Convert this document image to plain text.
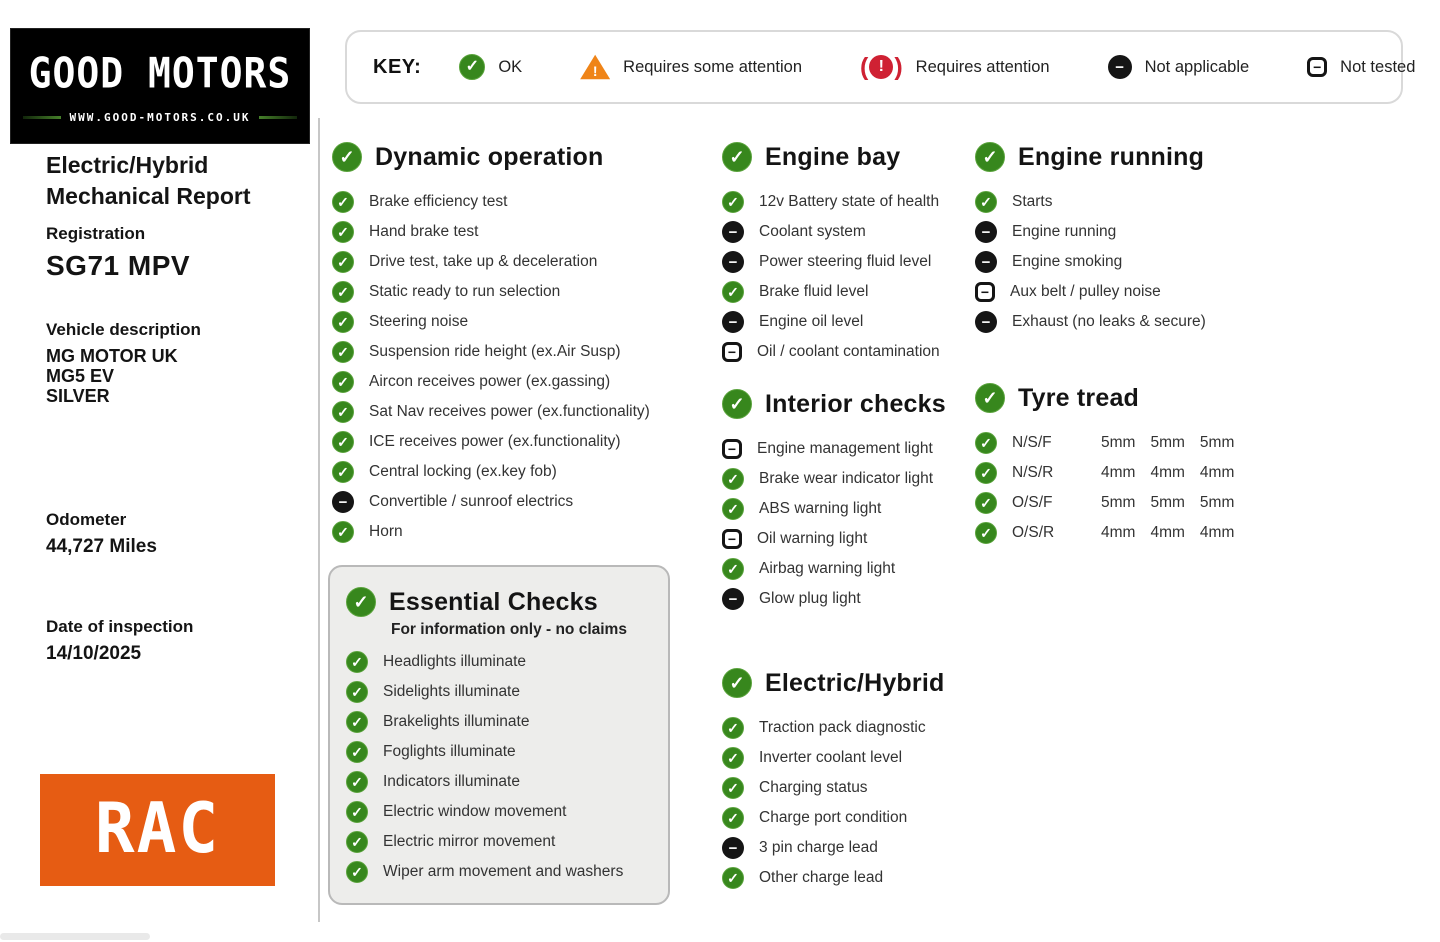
GOOD MOTORS
WWW.GOOD-MOTORS.CO.UK
Electric/Hybrid
Mechanical Report
Registration
SG71 MPV
Vehicle description
MG MOTOR UK
MG5 EV
SILVER
Odometer
44,727 Miles
Date of inspection
14/10/2025
RAC
KEY: ✓	OK !	Requires some attention (
!
)	Requires attention −	Not applicable −	Not tested
✓
Dynamic operation
✓
Brake efficiency test
✓
Hand brake test
✓
Drive test, take up & deceleration
✓
Static ready to run selection
✓
Steering noise
✓
Suspension ride height (ex.Air Susp)
✓
Aircon receives power (ex.gassing)
✓
Sat Nav receives power (ex.functionality)
✓
ICE receives power (ex.functionality)
✓
Central locking (ex.key fob)
−
Convertible / sunroof electrics
✓
Horn
✓
Essential Checks
For information only - no claims
✓
Headlights illuminate
✓
Sidelights illuminate
✓
Brakelights illuminate
✓
Foglights illuminate
✓
Indicators illuminate
✓
Electric window movement
✓
Electric mirror movement
✓
Wiper arm movement and washers
✓
Engine bay
✓
12v Battery state of health
−
Coolant system
−
Power steering fluid level
✓
Brake fluid level
−
Engine oil level
−
Oil / coolant contamination
✓
Interior checks
−
Engine management light
✓
Brake wear indicator light
✓
ABS warning light
−
Oil warning light
✓
Airbag warning light
−
Glow plug light
✓
Electric/Hybrid
✓
Traction pack diagnostic
✓
Inverter coolant level
✓
Charging status
✓
Charge port condition
−
3 pin charge lead
✓
Other charge lead
✓
Engine running
✓
Starts
−
Engine running
−
Engine smoking
−
Aux belt / pulley noise
−
Exhaust (no leaks & secure)
✓
Tyre tread
✓
N/S/F	5mm 5mm 5mm
✓
N/S/R	4mm 4mm 4mm
✓
O/S/F	5mm 5mm 5mm
✓
O/S/R	4mm 4mm 4mm
